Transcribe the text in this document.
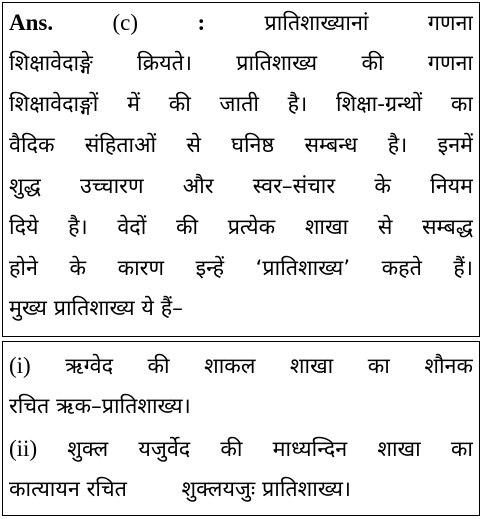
Ans.	(c)	:	प्रातिशाख्यानां गणना
शिक्षावेदाङ्गे क्रियते। प्रातिशाख्य की गणना
शिक्षावेदाङ्गों में की जाती है। शिक्षा-ग्रन्थों का
वैदिक संहिताओं से घनिष्ठ सम्बन्ध है। इनमें
शुद्ध उच्चारण और स्वर–संचार के नियम
दिये है। वेदों की प्रत्येक शाखा से सम्बद्ध
होने के कारण इन्हें ‘प्रातिशाख्य’ कहते हैं।
मुख्य प्रातिशाख्य ये हैं–
(i) ऋग्वेद की शाकल शाखा का शौनक
रचित ऋक–प्रातिशाख्य।
(ii) शुक्ल यजुर्वेद की माध्यन्दिन शाखा का
कात्यायन रचित        शुक्लयजुः प्रातिशाख्य।
